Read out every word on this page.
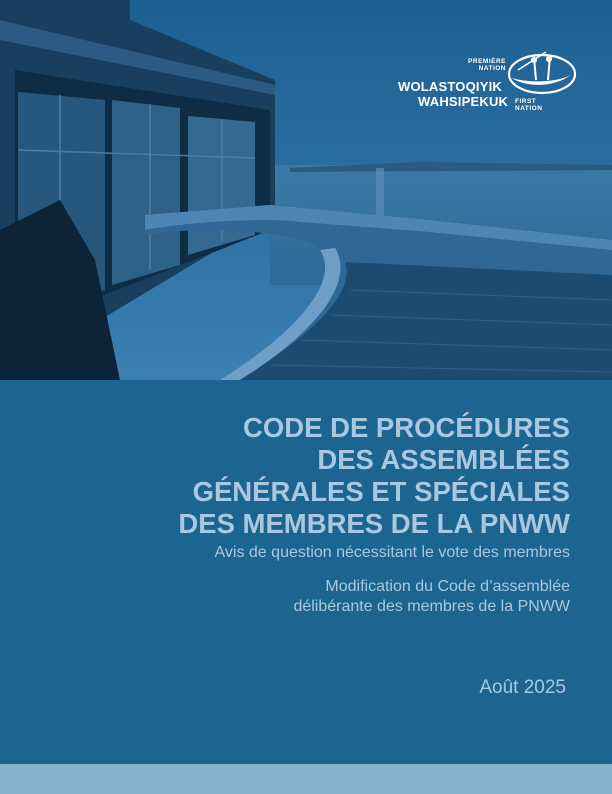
PREMIÈRE
NATION
WOLASTOQIYIK
WAHSIPEKUK FIRST
NATION
CODE DE PROCÉDURES
DES ASSEMBLÉES
GÉNÉRALES ET SPÉCIALES
DES MEMBRES DE LA PNWW
Avis de question nécessitant le vote des membres
Modification du Code d’assemblée
délibérante des membres de la PNWW
Août 2025
